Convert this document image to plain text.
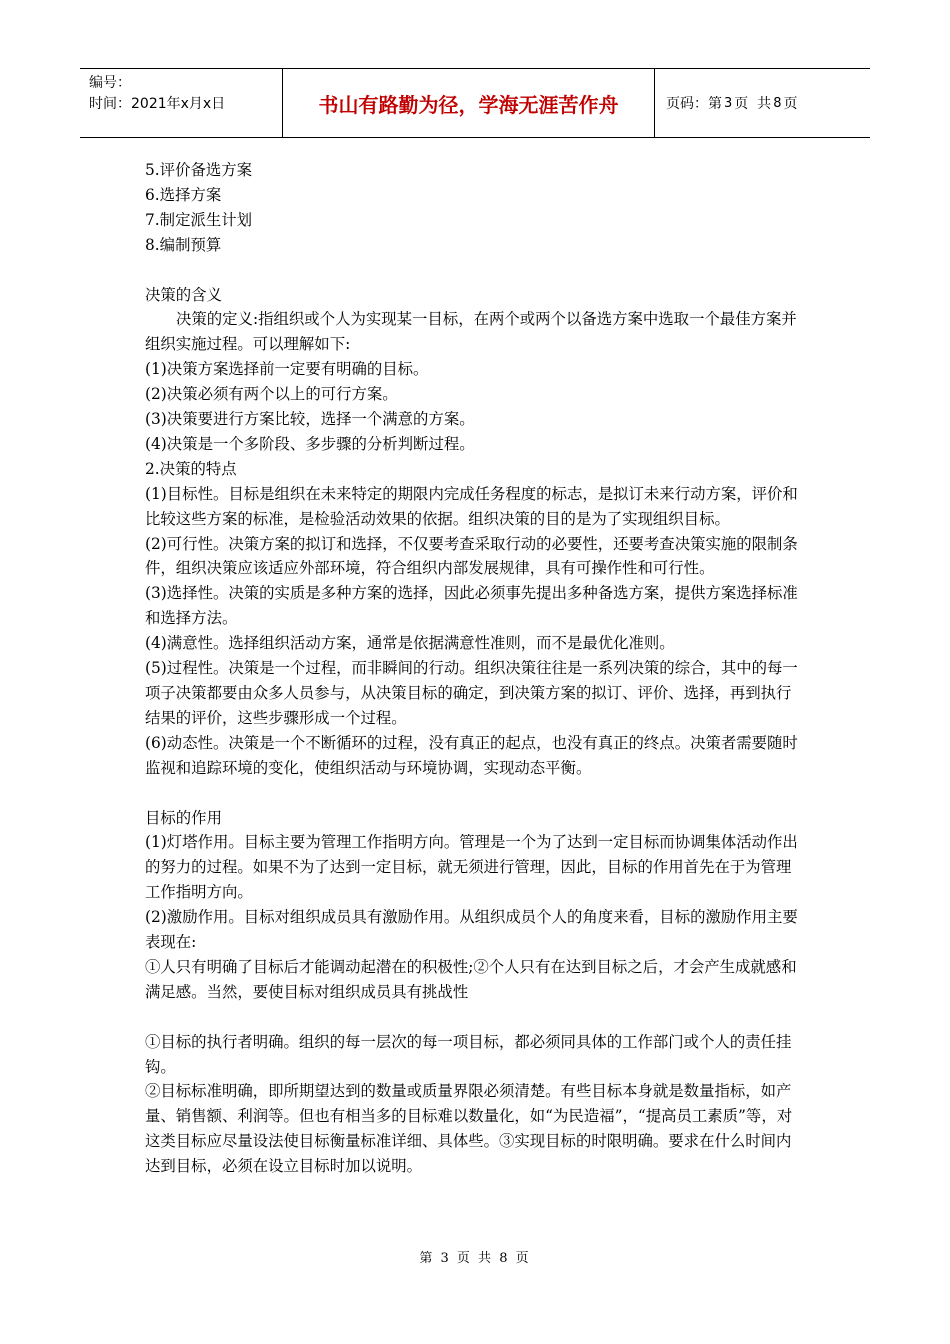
编号：
时间：2021年x月x日	书山有路勤为径，学海无涯苦作舟	页码：第 3 页  共 8 页

5.评价备选方案

6.选择方案

7.制定派生计划

8.编制预算

决策的含义

决策的定义:指组织或个人为实现某一目标，在两个或两个以备选方案中选取一个最佳方案并组织实施过程。可以理解如下:

(1)决策方案选择前一定要有明确的目标。

(2)决策必须有两个以上的可行方案。

(3)决策要进行方案比较，选择一个满意的方案。

(4)决策是一个多阶段、多步骤的分析判断过程。

2.决策的特点

(1)目标性。目标是组织在未来特定的期限内完成任务程度的标志，是拟订未来行动方案，评价和比较这些方案的标准，是检验活动效果的依据。组织决策的目的是为了实现组织目标。

(2)可行性。决策方案的拟订和选择，不仅要考查采取行动的必要性，还要考查决策实施的限制条件，组织决策应该适应外部环境，符合组织内部发展规律，具有可操作性和可行性。

(3)选择性。决策的实质是多种方案的选择，因此必须事先提出多种备选方案，提供方案选择标准和选择方法。

(4)满意性。选择组织活动方案，通常是依据满意性准则，而不是最优化准则。

(5)过程性。决策是一个过程，而非瞬间的行动。组织决策往往是一系列决策的综合，其中的每一项子决策都要由众多人员参与，从决策目标的确定，到决策方案的拟订、评价、选择，再到执行结果的评价，这些步骤形成一个过程。

(6)动态性。决策是一个不断循环的过程，没有真正的起点，也没有真正的终点。决策者需要随时监视和追踪环境的变化，使组织活动与环境协调，实现动态平衡。

目标的作用

(1)灯塔作用。目标主要为管理工作指明方向。管理是一个为了达到一定目标而协调集体活动作出的努力的过程。如果不为了达到一定目标，就无须进行管理，因此，目标的作用首先在于为管理工作指明方向。

(2)激励作用。目标对组织成员具有激励作用。从组织成员个人的角度来看，目标的激励作用主要表现在:

①人只有明确了目标后才能调动起潜在的积极性;②个人只有在达到目标之后，才会产生成就感和满足感。当然，要使目标对组织成员具有挑战性

①目标的执行者明确。组织的每一层次的每一项目标，都必须同具体的工作部门或个人的责任挂钩。

②目标标准明确，即所期望达到的数量或质量界限必须清楚。有些目标本身就是数量指标，如产量、销售额、利润等。但也有相当多的目标难以数量化，如“为民造福”，“提高员工素质”等，对这类目标应尽量设法使目标衡量标准详细、具体些。③实现目标的时限明确。要求在什么时间内达到目标，必须在设立目标时加以说明。

第 3 页 共 8 页
